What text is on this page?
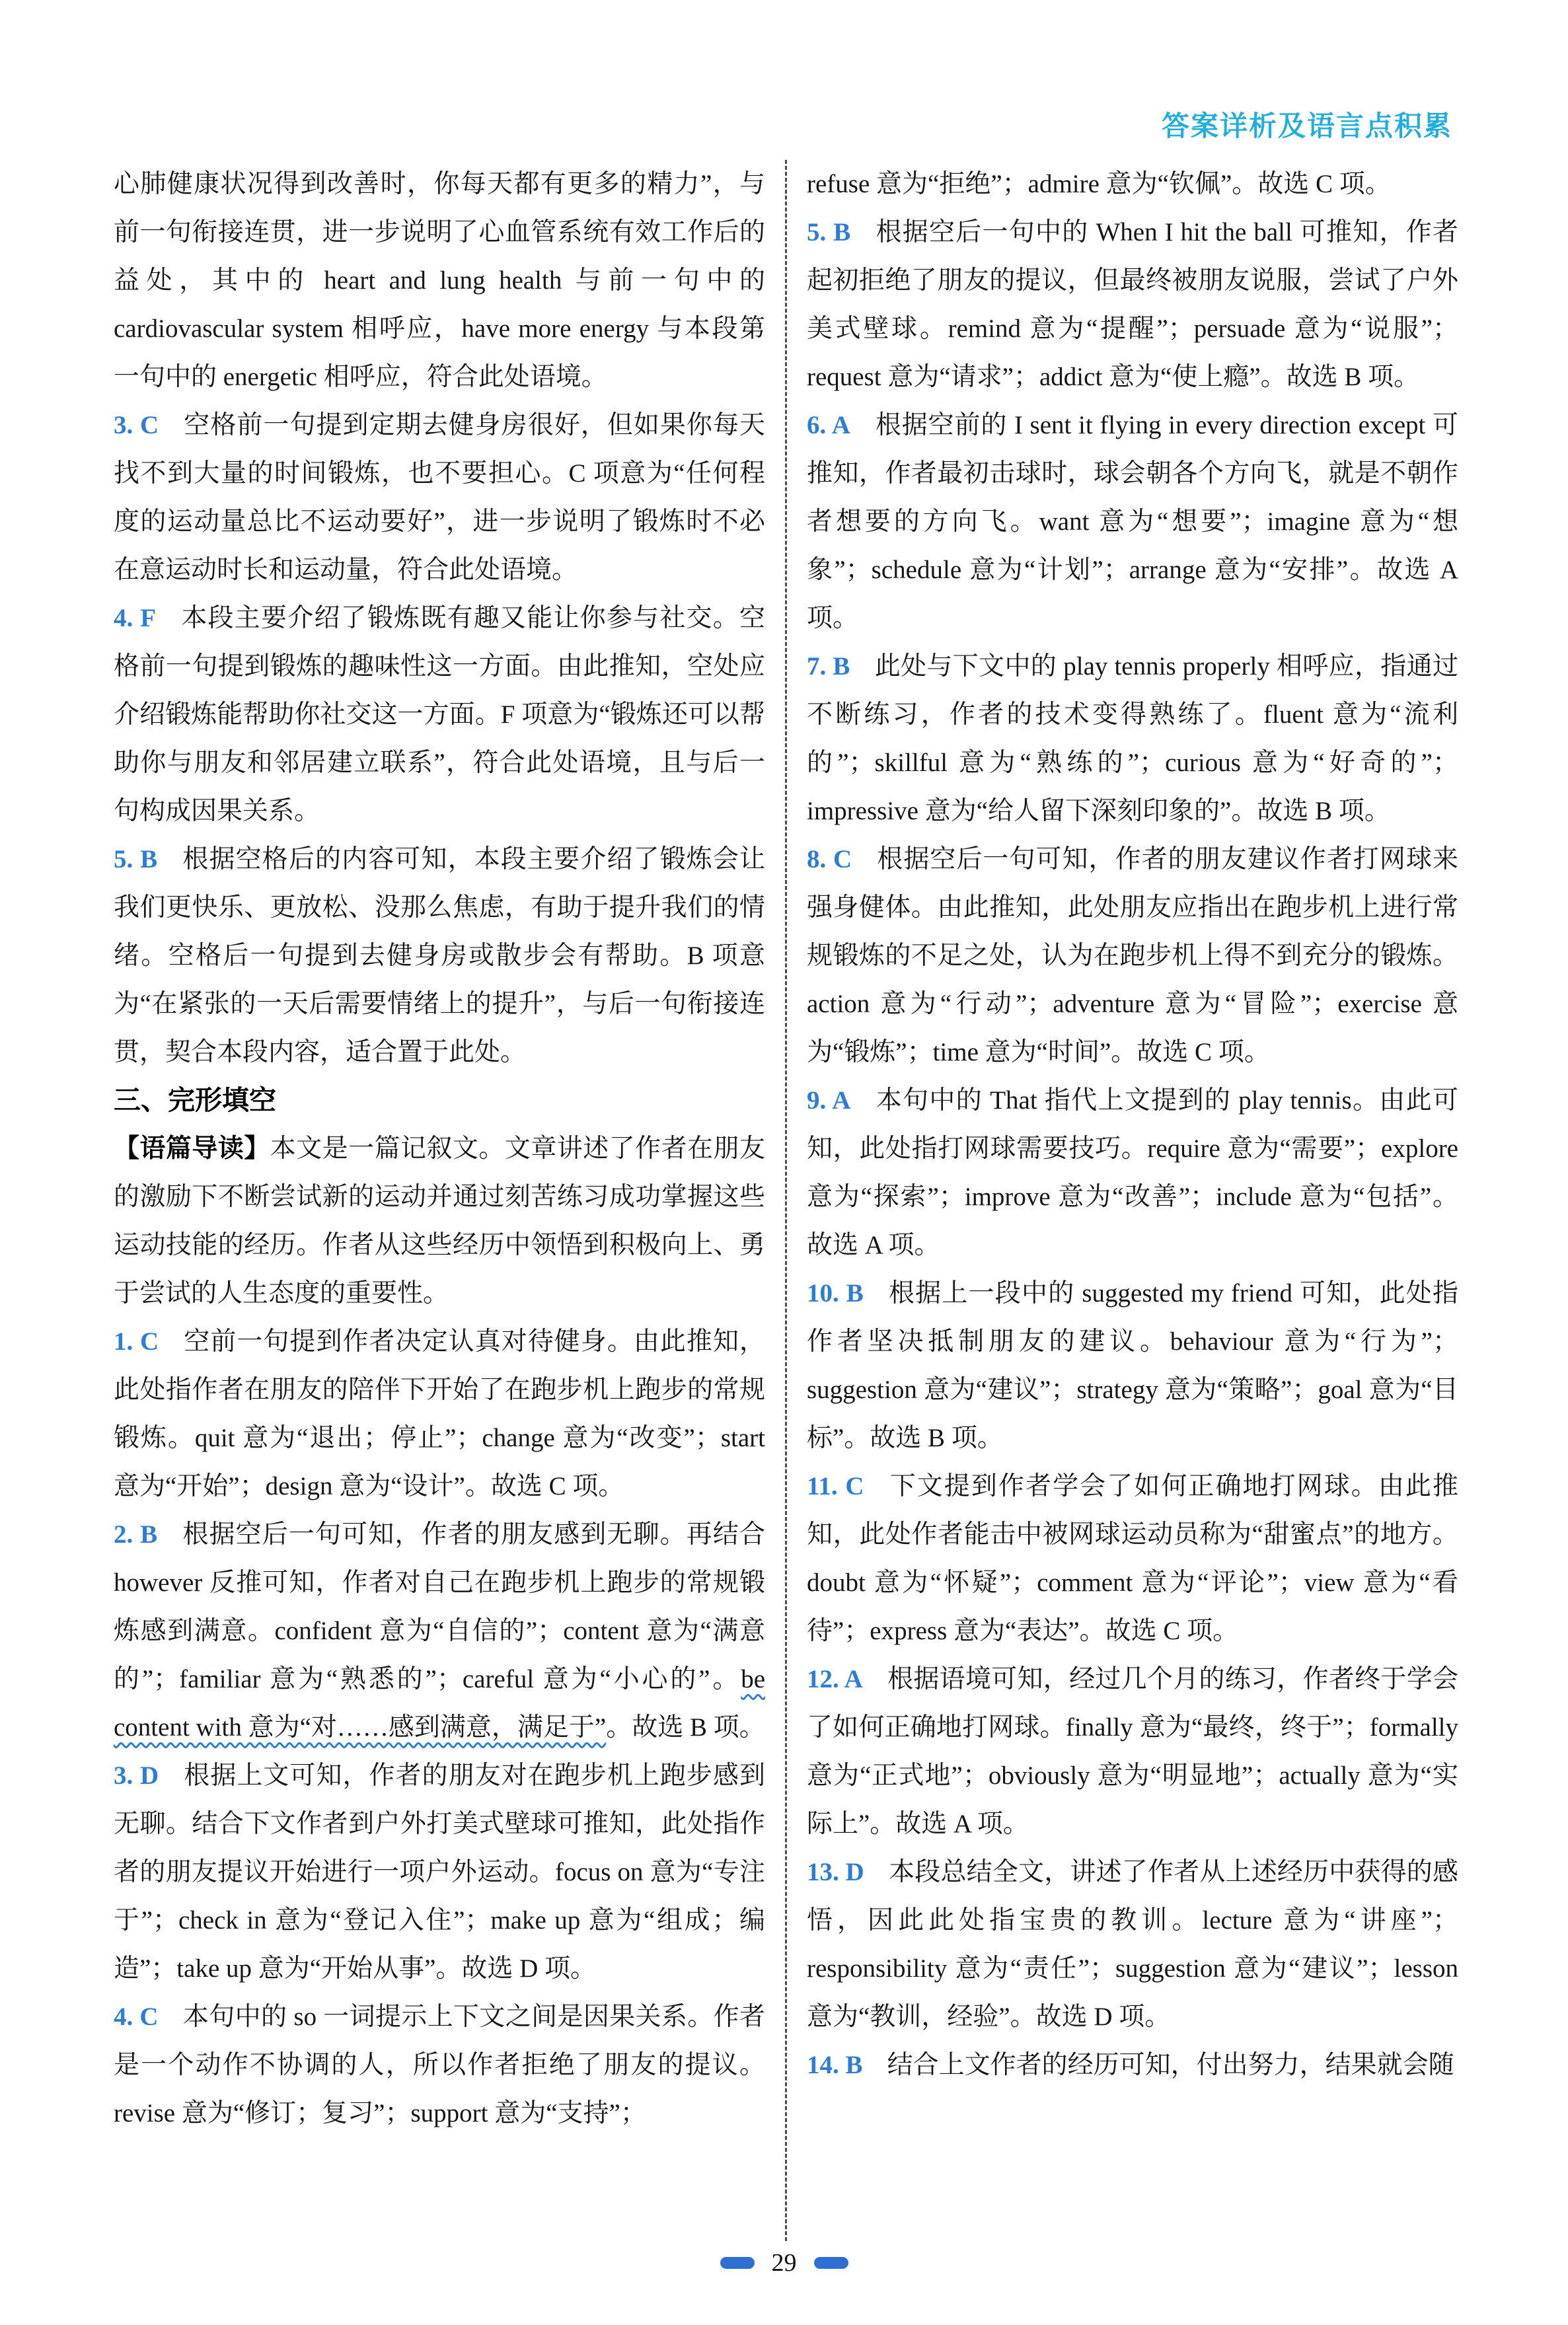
答案详析及语言点积累

心肺健康状况得到改善时，你每天都有更多的精力”，与前一句衔接连贯，进一步说明了心血管系统有效工作后的益处，其中的 heart and lung health 与前一句中的 cardiovascular system 相呼应，have more energy 与本段第一句中的 energetic 相呼应，符合此处语境。

3. C 空格前一句提到定期去健身房很好，但如果你每天找不到大量的时间锻炼，也不要担心。C 项意为“任何程度的运动量总比不运动要好”，进一步说明了锻炼时不必在意运动时长和运动量，符合此处语境。

4. F 本段主要介绍了锻炼既有趣又能让你参与社交。空格前一句提到锻炼的趣味性这一方面。由此推知，空处应介绍锻炼能帮助你社交这一方面。F 项意为“锻炼还可以帮助你与朋友和邻居建立联系”，符合此处语境，且与后一句构成因果关系。

5. B 根据空格后的内容可知，本段主要介绍了锻炼会让我们更快乐、更放松、没那么焦虑，有助于提升我们的情绪。空格后一句提到去健身房或散步会有帮助。B 项意为“在紧张的一天后需要情绪上的提升”，与后一句衔接连贯，契合本段内容，适合置于此处。

三、完形填空

【语篇导读】本文是一篇记叙文。文章讲述了作者在朋友的激励下不断尝试新的运动并通过刻苦练习成功掌握这些运动技能的经历。作者从这些经历中领悟到积极向上、勇于尝试的人生态度的重要性。

1. C 空前一句提到作者决定认真对待健身。由此推知，此处指作者在朋友的陪伴下开始了在跑步机上跑步的常规锻炼。quit 意为“退出；停止”；change 意为“改变”；start 意为“开始”；design 意为“设计”。故选 C 项。

2. B 根据空后一句可知，作者的朋友感到无聊。再结合 however 反推可知，作者对自己在跑步机上跑步的常规锻炼感到满意。confident 意为“自信的”；content 意为“满意的”；familiar 意为“熟悉的”；careful 意为“小心的”。be content with 意为“对……感到满意，满足于”。故选 B 项。

3. D 根据上文可知，作者的朋友对在跑步机上跑步感到无聊。结合下文作者到户外打美式壁球可推知，此处指作者的朋友提议开始进行一项户外运动。focus on 意为“专注于”；check in 意为“登记入住”；make up 意为“组成；编造”；take up 意为“开始从事”。故选 D 项。

4. C 本句中的 so 一词提示上下文之间是因果关系。作者是一个动作不协调的人，所以作者拒绝了朋友的提议。revise 意为“修订；复习”；support 意为“支持”；

refuse 意为“拒绝”；admire 意为“钦佩”。故选 C 项。

5. B 根据空后一句中的 When I hit the ball 可推知，作者起初拒绝了朋友的提议，但最终被朋友说服，尝试了户外美式壁球。remind 意为“提醒”；persuade 意为“说服”；request 意为“请求”；addict 意为“使上瘾”。故选 B 项。

6. A 根据空前的 I sent it flying in every direction except 可推知，作者最初击球时，球会朝各个方向飞，就是不朝作者想要的方向飞。want 意为“想要”；imagine 意为“想象”；schedule 意为“计划”；arrange 意为“安排”。故选 A 项。

7. B 此处与下文中的 play tennis properly 相呼应，指通过不断练习，作者的技术变得熟练了。fluent 意为“流利的”；skillful 意为“熟练的”；curious 意为“好奇的”；impressive 意为“给人留下深刻印象的”。故选 B 项。

8. C 根据空后一句可知，作者的朋友建议作者打网球来强身健体。由此推知，此处朋友应指出在跑步机上进行常规锻炼的不足之处，认为在跑步机上得不到充分的锻炼。action 意为“行动”；adventure 意为“冒险”；exercise 意为“锻炼”；time 意为“时间”。故选 C 项。

9. A 本句中的 That 指代上文提到的 play tennis。由此可知，此处指打网球需要技巧。require 意为“需要”；explore 意为“探索”；improve 意为“改善”；include 意为“包括”。故选 A 项。

10. B 根据上一段中的 suggested my friend 可知，此处指作者坚决抵制朋友的建议。behaviour 意为“行为”；suggestion 意为“建议”；strategy 意为“策略”；goal 意为“目标”。故选 B 项。

11. C 下文提到作者学会了如何正确地打网球。由此推知，此处作者能击中被网球运动员称为“甜蜜点”的地方。doubt 意为“怀疑”；comment 意为“评论”；view 意为“看待”；express 意为“表达”。故选 C 项。

12. A 根据语境可知，经过几个月的练习，作者终于学会了如何正确地打网球。finally 意为“最终，终于”；formally 意为“正式地”；obviously 意为“明显地”；actually 意为“实际上”。故选 A 项。

13. D 本段总结全文，讲述了作者从上述经历中获得的感悟，因此此处指宝贵的教训。lecture 意为“讲座”；responsibility 意为“责任”；suggestion 意为“建议”；lesson 意为“教训，经验”。故选 D 项。

14. B 结合上文作者的经历可知，付出努力，结果就会随

29
